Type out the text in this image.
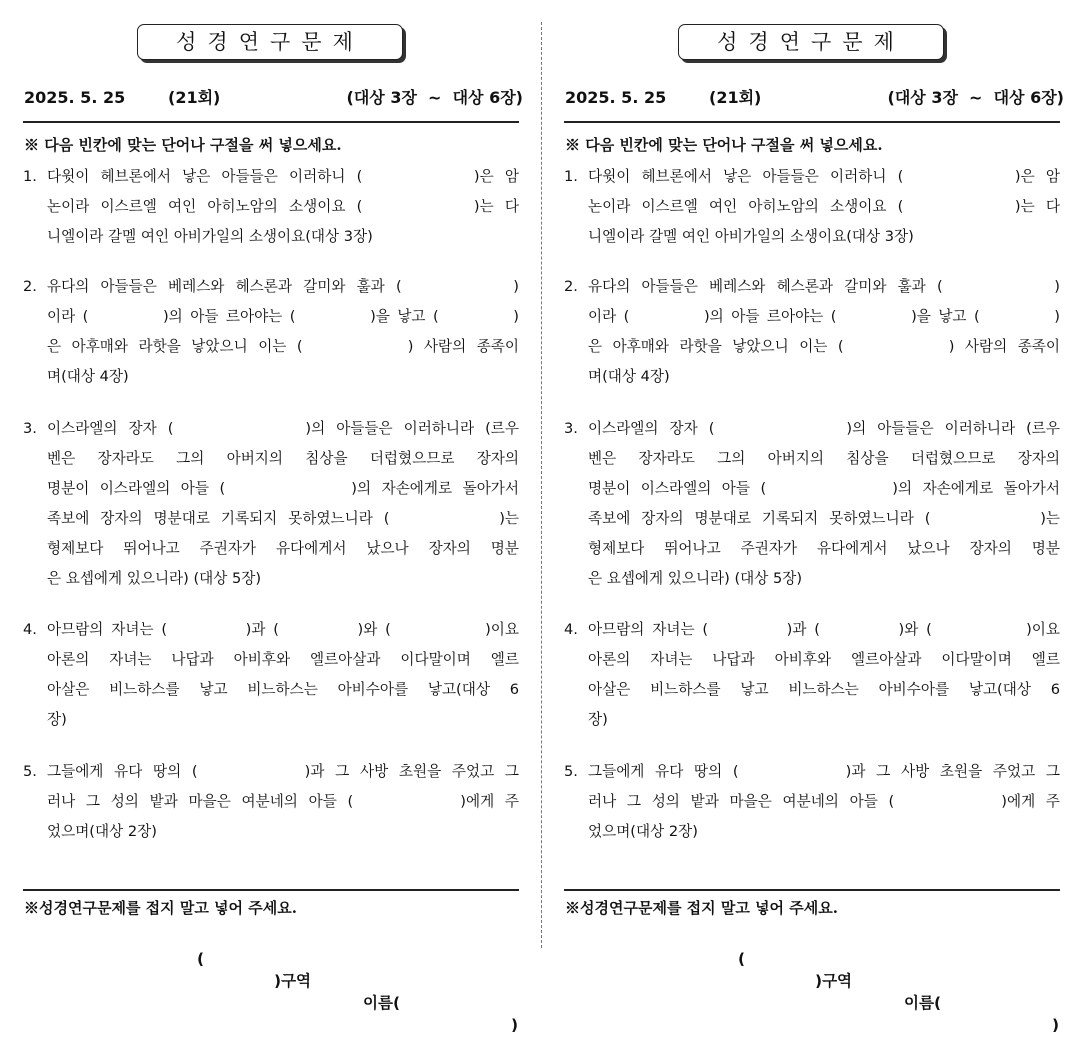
성경연구문제
2025. 5. 25	(21회)	(대상 3장  ~  대상 6장)
※ 다음 빈칸에 맞는 단어나 구절을 써 넣으세요.
1. 다윗이 헤브론에서 낳은 아들들은 이러하니 (          )은 암
논이라 이스르엘 여인 아히노암의 소생이요 (          )는 다
니엘이라 갈멜 여인 아비가일의 소생이요(대상 3장)
2. 유다의 아들들은 베레스와 헤스론과 갈미와 훌과 (          )
이라 (          )의 아들 르아야는 (          )을 낳고 (          )
은 아후매와 라핫을 낳았으니 이는 (          ) 사람의 종족이
며(대상 4장)
3. 이스라엘의 장자 (            )의 아들들은 이러하니라 (르우
벤은 장자라도 그의 아버지의 침상을 더럽혔으므로 장자의
명분이 이스라엘의 아들 (            )의 자손에게로 돌아가서
족보에 장자의 명분대로 기록되지 못하였느니라 (          )는
형제보다 뛰어나고 주권자가 유다에게서 났으나 장자의 명분
은 요셉에게 있으니라) (대상 5장)
4. 아므람의 자녀는 (          )과 (          )와 (            )이요
아론의 자녀는 나답과 아비후와 엘르아살과 이다말이며 엘르
아살은 비느하스를 낳고 비느하스는 아비수아를 낳고(대상 6
장)
5. 그들에게 유다 땅의 (          )과 그 사방 초원을 주었고 그
러나 그 성의 밭과 마을은 여분네의 아들 (          )에게 주
었으며(대상 2장)
※성경연구문제를 접지 말고 넣어 주세요.

(

)구역

이름(

)

성경연구문제
2025. 5. 25	(21회)	(대상 3장  ~  대상 6장)
※ 다음 빈칸에 맞는 단어나 구절을 써 넣으세요.
1. 다윗이 헤브론에서 낳은 아들들은 이러하니 (          )은 암
논이라 이스르엘 여인 아히노암의 소생이요 (          )는 다
니엘이라 갈멜 여인 아비가일의 소생이요(대상 3장)
2. 유다의 아들들은 베레스와 헤스론과 갈미와 훌과 (          )
이라 (          )의 아들 르아야는 (          )을 낳고 (          )
은 아후매와 라핫을 낳았으니 이는 (          ) 사람의 종족이
며(대상 4장)
3. 이스라엘의 장자 (            )의 아들들은 이러하니라 (르우
벤은 장자라도 그의 아버지의 침상을 더럽혔으므로 장자의
명분이 이스라엘의 아들 (            )의 자손에게로 돌아가서
족보에 장자의 명분대로 기록되지 못하였느니라 (          )는
형제보다 뛰어나고 주권자가 유다에게서 났으나 장자의 명분
은 요셉에게 있으니라) (대상 5장)
4. 아므람의 자녀는 (          )과 (          )와 (            )이요
아론의 자녀는 나답과 아비후와 엘르아살과 이다말이며 엘르
아살은 비느하스를 낳고 비느하스는 아비수아를 낳고(대상 6
장)
5. 그들에게 유다 땅의 (          )과 그 사방 초원을 주었고 그
러나 그 성의 밭과 마을은 여분네의 아들 (          )에게 주
었으며(대상 2장)
※성경연구문제를 접지 말고 넣어 주세요.

(

)구역

이름(

)
